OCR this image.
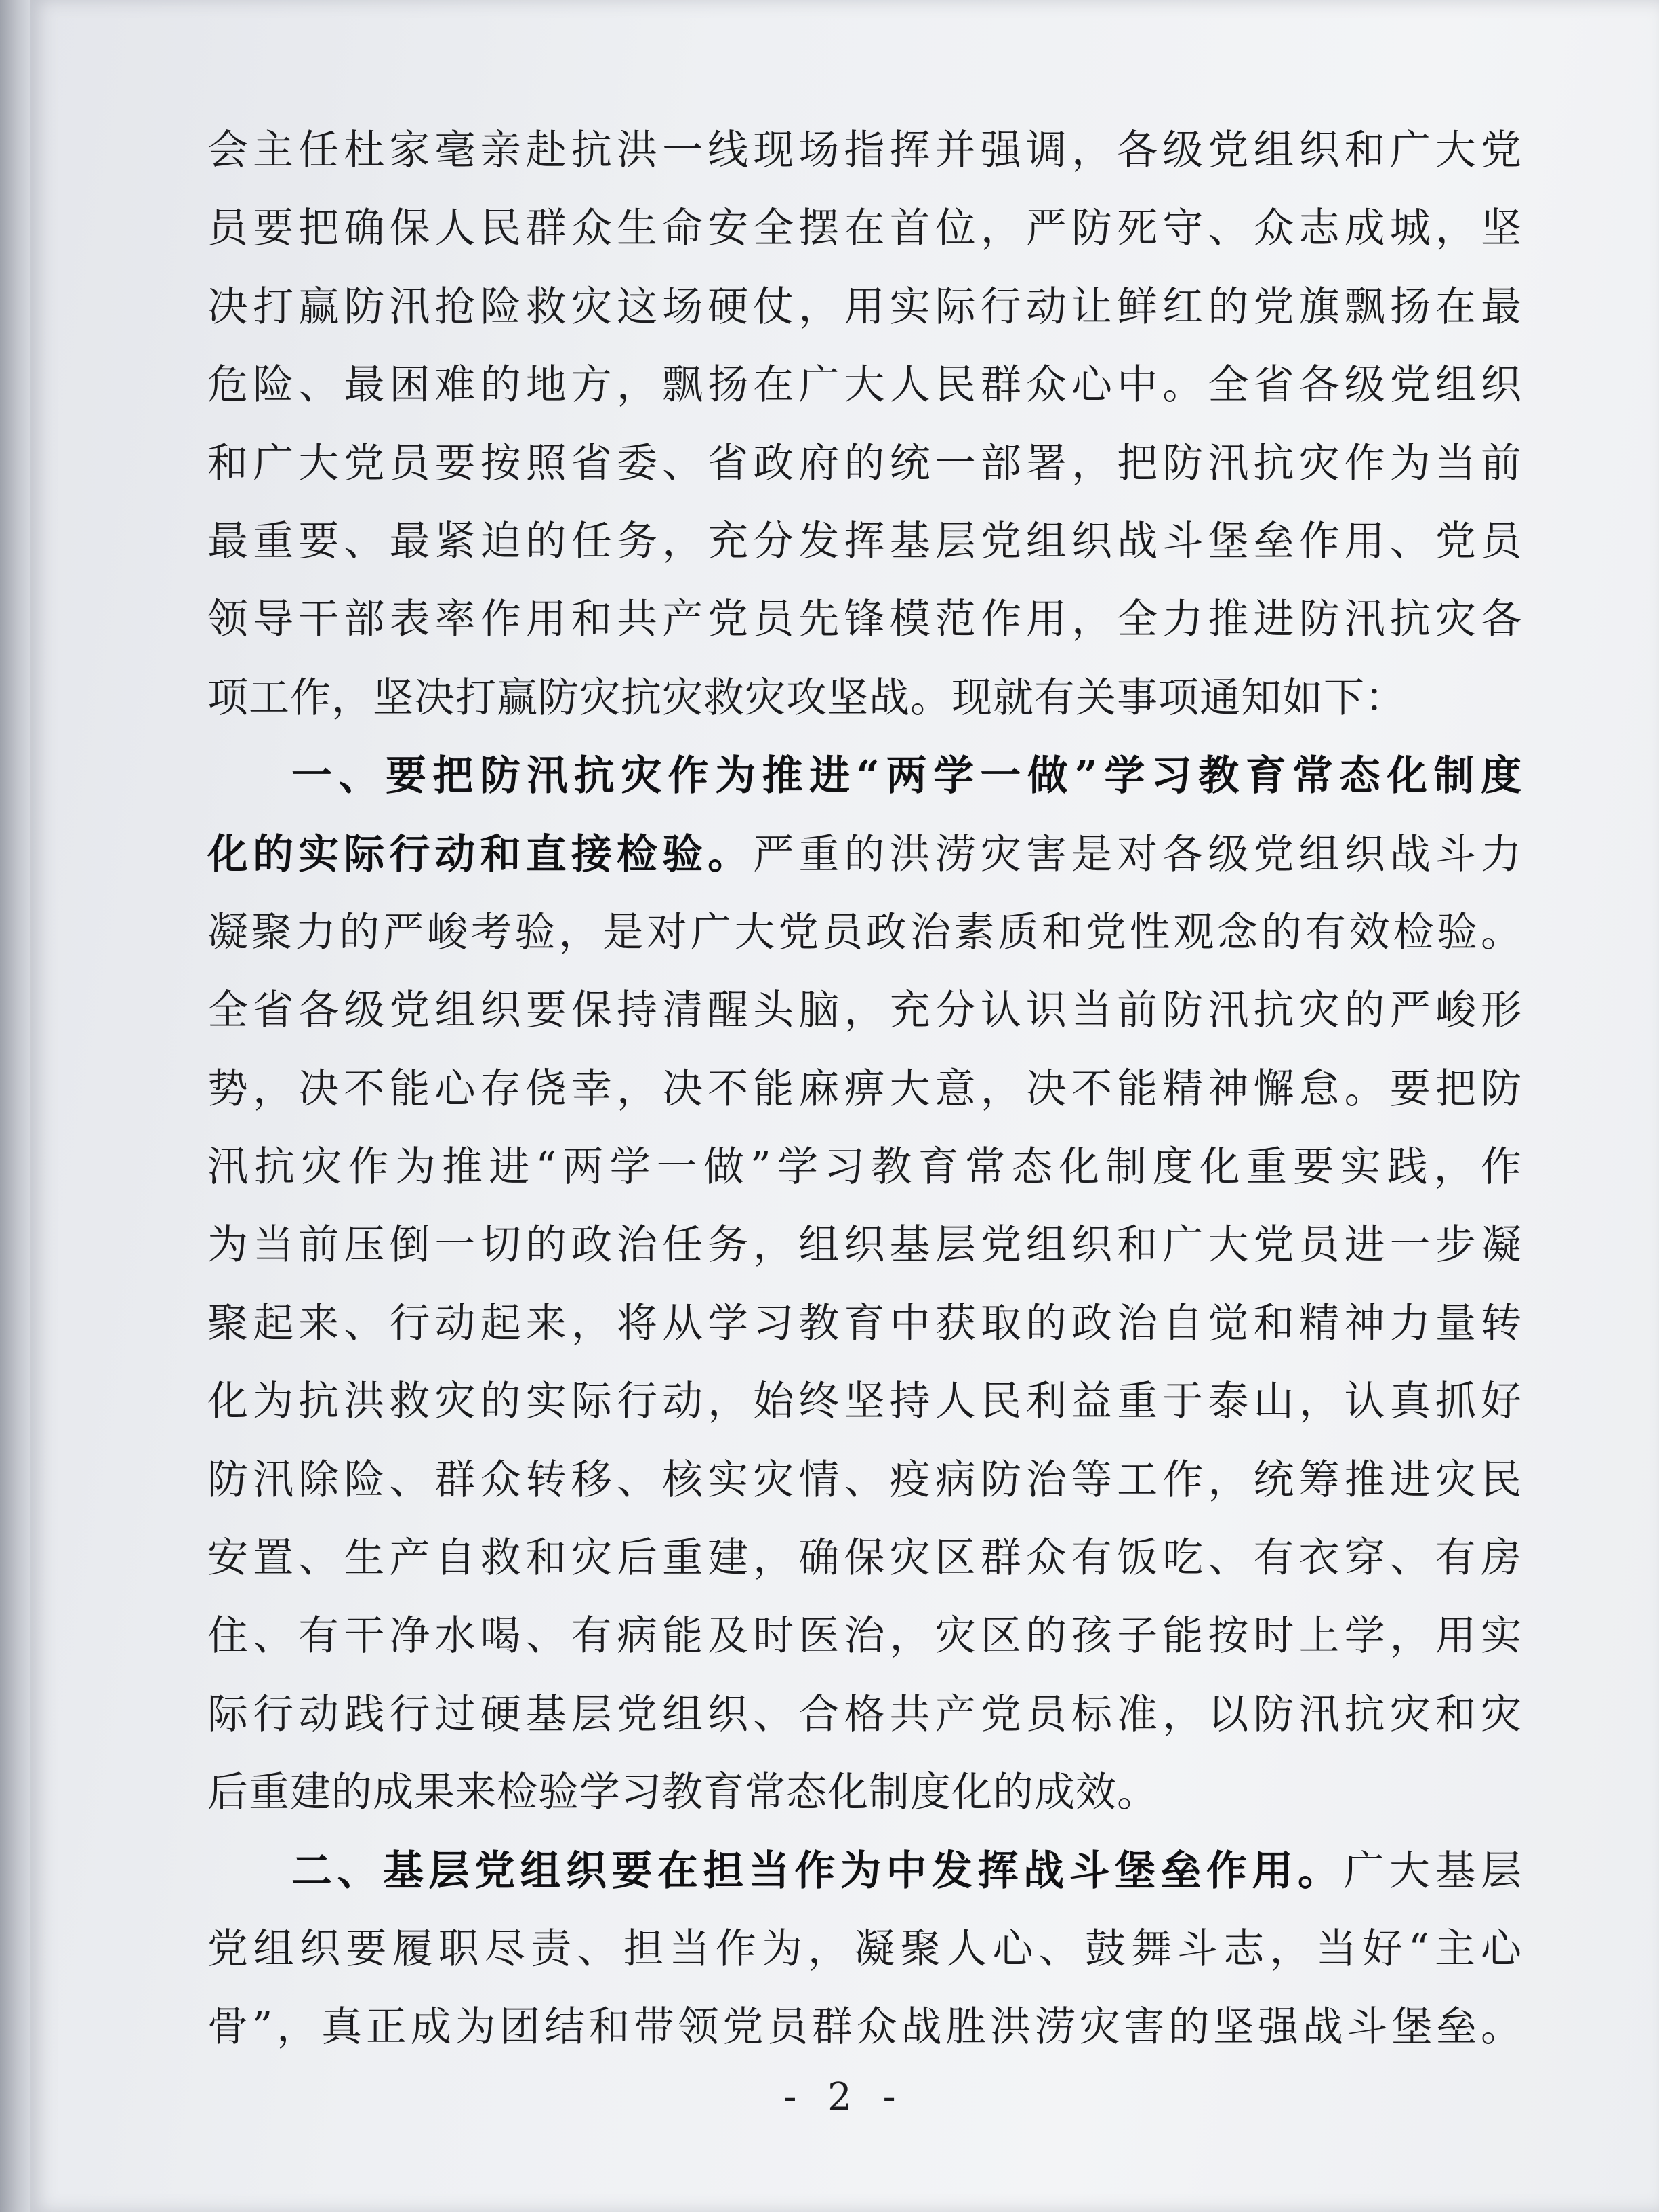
会主任杜家毫亲赴抗洪一线现场指挥并强调，各级党组织和广大党
员要把确保人民群众生命安全摆在首位，严防死守、众志成城，坚
决打赢防汛抢险救灾这场硬仗，用实际行动让鲜红的党旗飘扬在最
危险、最困难的地方，飘扬在广大人民群众心中。全省各级党组织
和广大党员要按照省委、省政府的统一部署，把防汛抗灾作为当前
最重要、最紧迫的任务，充分发挥基层党组织战斗堡垒作用、党员
领导干部表率作用和共产党员先锋模范作用，全力推进防汛抗灾各
项工作，坚决打赢防灾抗灾救灾攻坚战。现就有关事项通知如下：
一、要把防汛抗灾作为推进“两学一做”学习教育常态化制度
化的实际行动和直接检验。严重的洪涝灾害是对各级党组织战斗力
凝聚力的严峻考验，是对广大党员政治素质和党性观念的有效检验。
全省各级党组织要保持清醒头脑，充分认识当前防汛抗灾的严峻形
势，决不能心存侥幸，决不能麻痹大意，决不能精神懈怠。要把防
汛抗灾作为推进“两学一做”学习教育常态化制度化重要实践，作
为当前压倒一切的政治任务，组织基层党组织和广大党员进一步凝
聚起来、行动起来，将从学习教育中获取的政治自觉和精神力量转
化为抗洪救灾的实际行动，始终坚持人民利益重于泰山，认真抓好
防汛除险、群众转移、核实灾情、疫病防治等工作，统筹推进灾民
安置、生产自救和灾后重建，确保灾区群众有饭吃、有衣穿、有房
住、有干净水喝、有病能及时医治，灾区的孩子能按时上学，用实
际行动践行过硬基层党组织、合格共产党员标准，以防汛抗灾和灾
后重建的成果来检验学习教育常态化制度化的成效。
二、基层党组织要在担当作为中发挥战斗堡垒作用。广大基层
党组织要履职尽责、担当作为，凝聚人心、鼓舞斗志，当好“主心
骨”，真正成为团结和带领党员群众战胜洪涝灾害的坚强战斗堡垒。
- 2 -
